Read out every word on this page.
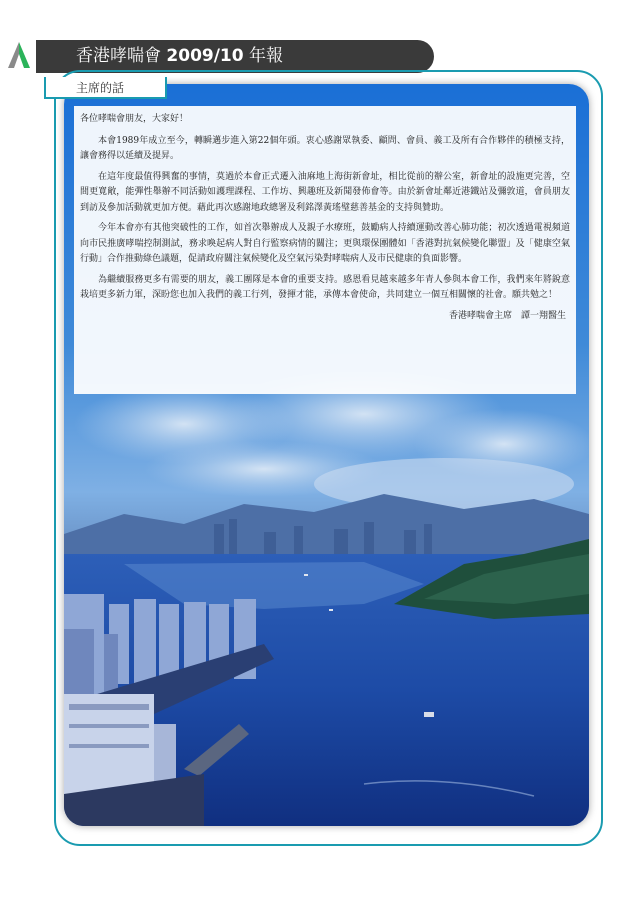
香港哮喘會 2009/10 年報
主席的話

各位哮喘會朋友，大家好！

本會1989年成立至今，轉瞬邁步進入第22個年頭。衷心感謝眾執委、顧問、會員、義工及所有合作夥伴的積極支持，讓會務得以延續及提昇。

在這年度最值得興奮的事情，莫過於本會正式遷入油麻地上海街新會址，相比從前的辦公室，新會址的設施更完善，空間更寬敞，能彈性舉辦不同活動如護理課程、工作坊、興趣班及新聞發佈會等。由於新會址鄰近港鐵站及彌敦道，會員朋友到訪及參加活動就更加方便。藉此再次感謝地政總署及利銘澤黃瑤璧慈善基金的支持與贊助。

今年本會亦有其他突破性的工作，如首次舉辦成人及親子水療班，鼓勵病人持續運動改善心肺功能；初次透過電視頻道向市民推廣哮喘控制測試，務求喚起病人對自行監察病情的關注；更與環保團體如「香港對抗氣候變化聯盟」及「健康空氣行動」合作推動綠色議題，促請政府關注氣候變化及空氣污染對哮喘病人及市民健康的負面影響。

為繼續服務更多有需要的朋友，義工團隊是本會的重要支持。感恩看見越來越多年青人參與本會工作，我們來年將銳意栽培更多新力軍，深盼您也加入我們的義工行列，發揮才能，承傳本會使命，共同建立一個互相關懷的社會。願共勉之！

香港哮喘會主席　譚一翔醫生
